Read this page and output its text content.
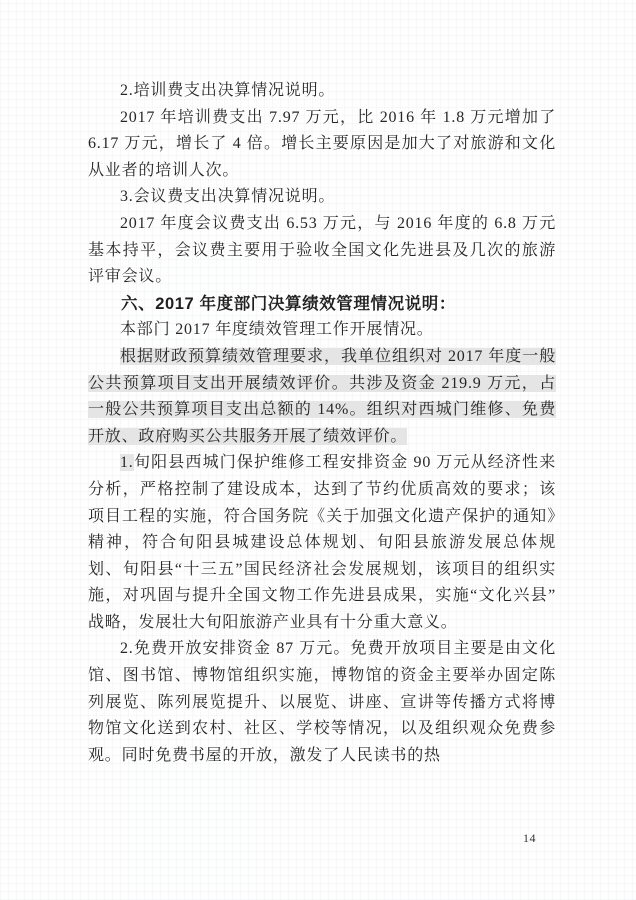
2.培训费支出决算情况说明。

2017 年培训费支出 7.97 万元，比 2016 年 1.8 万元增加了 6.17 万元，增长了 4 倍。增长主要原因是加大了对旅游和文化从业者的培训人次。

3.会议费支出决算情况说明。

2017 年度会议费支出 6.53 万元，与 2016 年度的 6.8 万元基本持平，会议费主要用于验收全国文化先进县及几次的旅游评审会议。

六、2017 年度部门决算绩效管理情况说明：

本部门 2017 年度绩效管理工作开展情况。

根据财政预算绩效管理要求，我单位组织对 2017 年度一般公共预算项目支出开展绩效评价。共涉及资金 219.9 万元，占一般公共预算项目支出总额的 14%。组织对西城门维修、免费开放、政府购买公共服务开展了绩效评价。

1.旬阳县西城门保护维修工程安排资金 90 万元从经济性来分析，严格控制了建设成本，达到了节约优质高效的要求；该项目工程的实施，符合国务院《关于加强文化遗产保护的通知》精神，符合旬阳县城建设总体规划、旬阳县旅游发展总体规划、旬阳县“十三五”国民经济社会发展规划，该项目的组织实施，对巩固与提升全国文物工作先进县成果，实施“文化兴县”战略，发展壮大旬阳旅游产业具有十分重大意义。

2.免费开放安排资金 87 万元。免费开放项目主要是由文化馆、图书馆、博物馆组织实施，博物馆的资金主要举办固定陈列展览、陈列展览提升、以展览、讲座、宣讲等传播方式将博物馆文化送到农村、社区、学校等情况，以及组织观众免费参观。同时免费书屋的开放，激发了人民读书的热

14
